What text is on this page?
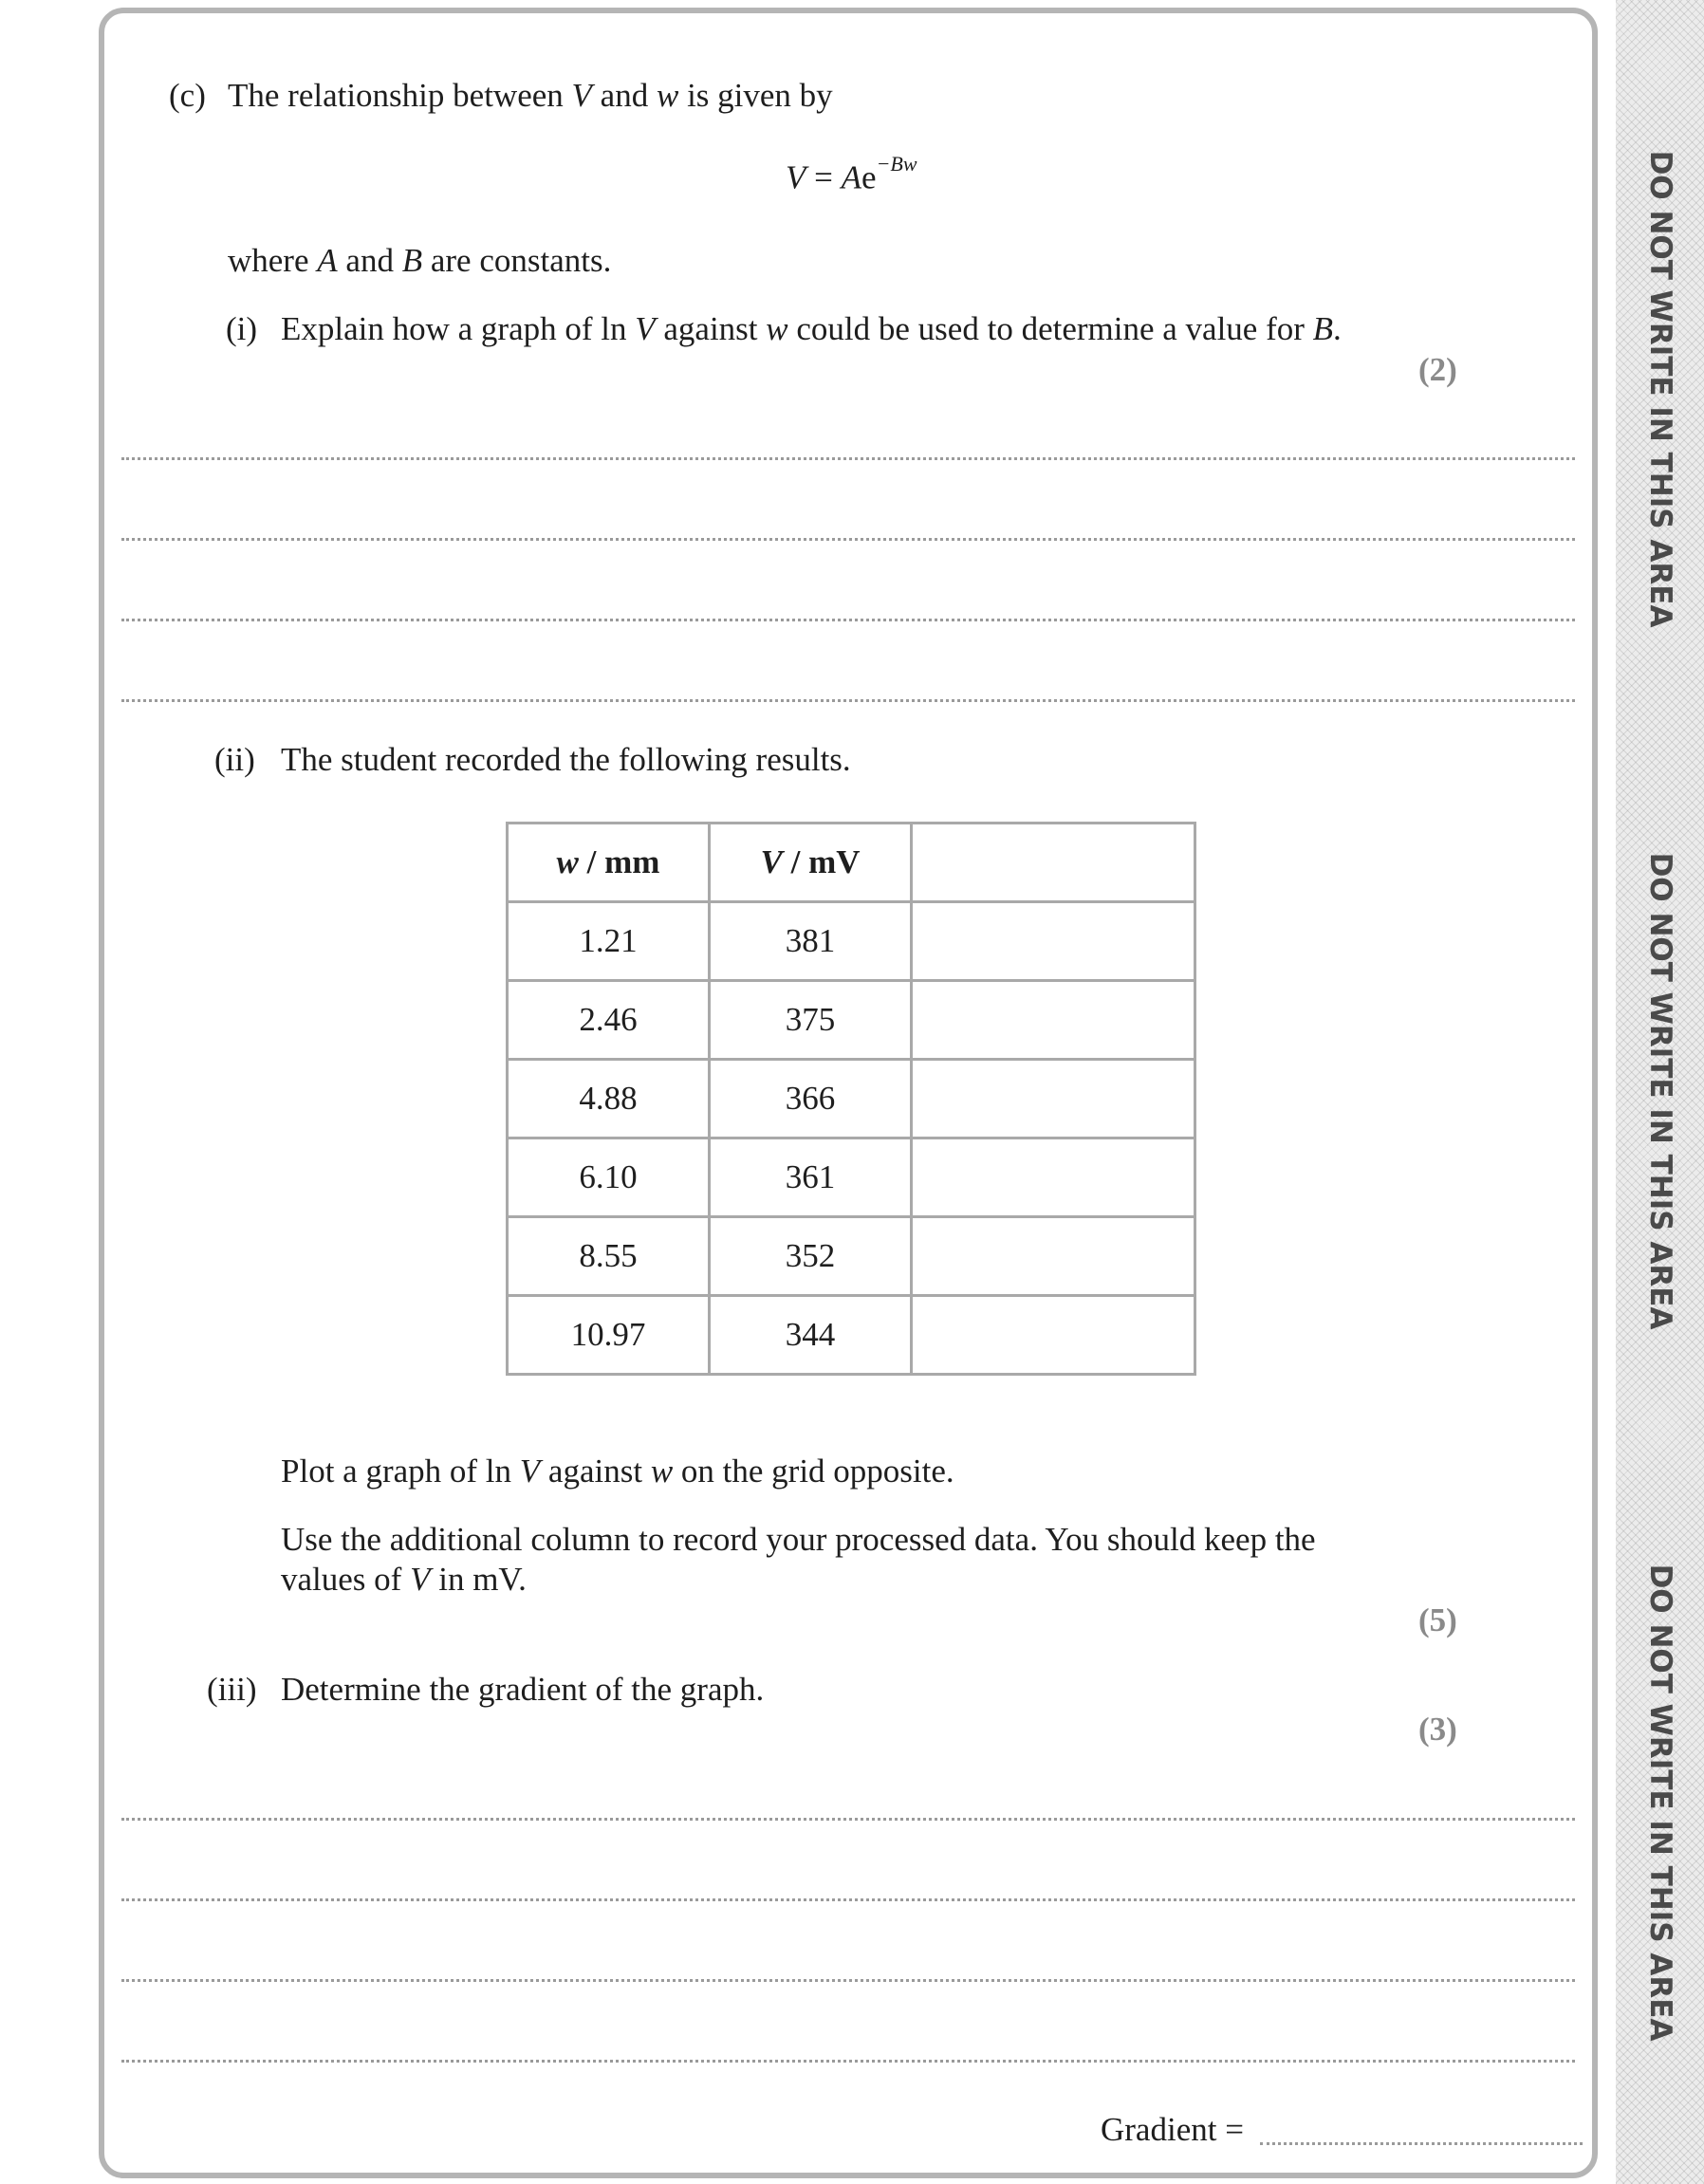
DO NOT WRITE IN THIS AREA
DO NOT WRITE IN THIS AREA
DO NOT WRITE IN THIS AREA
(c) The relationship between V and w is given by
$V = Ae^{-Bw}$
where A and B are constants.
(i) Explain how a graph of ln V against w could be used to determine a value for B.
(2)
(ii) The student recorded the following results.
w / mm	V / mV	
1.21	381	
2.46	375	
4.88	366	
6.10	361	
8.55	352	
10.97	344	
Plot a graph of ln V against w on the grid opposite.
Use the additional column to record your processed data. You should keep the
values of V in mV.
(5)
(iii) Determine the gradient of the graph.
(3)
Gradient =
